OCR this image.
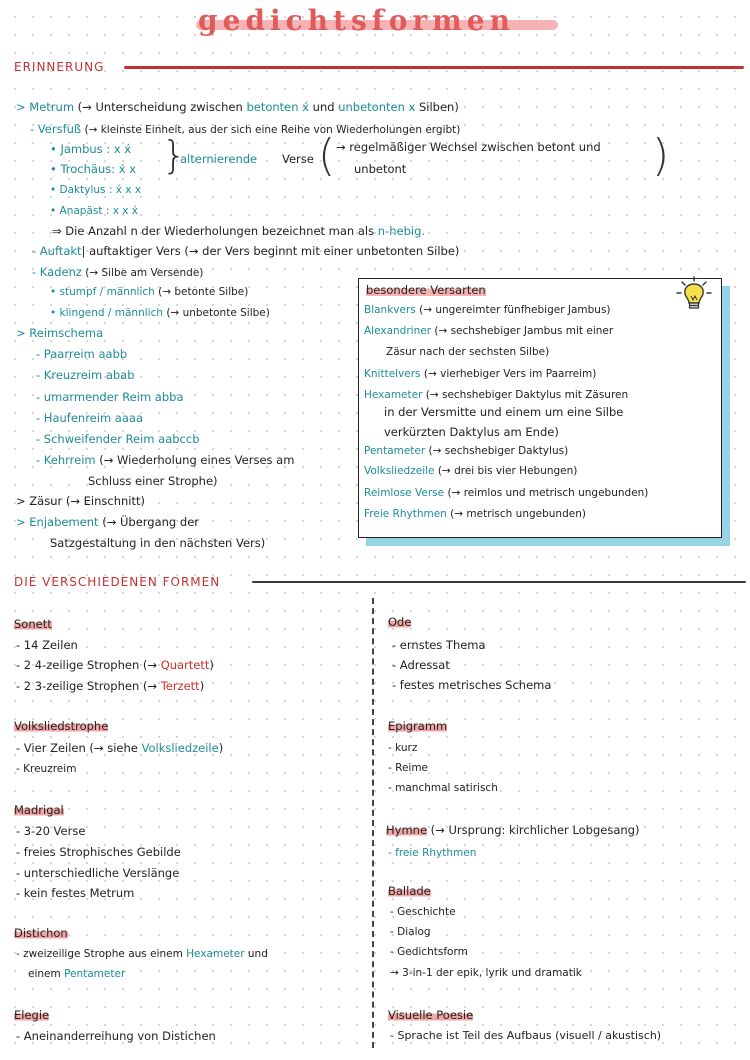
gedichtsformen
ERINNERUNG
> Metrum (→ Unterscheidung zwischen betonten x́ und unbetonten x Silben)
- Versfuß (→ kleinste Einheit, aus der sich eine Reihe von Wiederholungen ergibt)
• Jambus : x x́
• Trochäus: x́ x
• Daktylus : x́ x x
• Anapäst : x x x́
}
alternierende Verse ( → regelmäßiger Wechsel zwischen betont und
unbetont	)
⇒ Die Anzahl n der Wiederholungen bezeichnet man als n-hebig.
- Auftakt| auftaktiger Vers (→ der Vers beginnt mit einer unbetonten Silbe)
- Kadenz (→ Silbe am Versende)
• stumpf / männlich (→ betonte Silbe)
• klingend / männlich (→ unbetonte Silbe)
> Reimschema
- Paarreim aabb
- Kreuzreim abab
- umarmender Reim abba
- Haufenreim aaaa
- Schweifender Reim aabccb
- Kehrreim (→ Wiederholung eines Verses am
Schluss einer Strophe)
> Zäsur (→ Einschnitt)
> Enjabement (→ Übergang der
Satzgestaltung in den nächsten Vers)
besondere Versarten
Blankvers (→ ungereimter fünfhebiger Jambus)
Alexandriner (→ sechshebiger Jambus mit einer
Zäsur nach der sechsten Silbe)
Knittelvers (→ vierhebiger Vers im Paarreim)
Hexameter (→ sechshebiger Daktylus mit Zäsuren
in der Versmitte und einem um eine Silbe
verkürzten Daktylus am Ende)
Pentameter (→ sechshebiger Daktylus)
Volksliedzeile (→ drei bis vier Hebungen)
Reimlose Verse (→ reimlos und metrisch ungebunden)
Freie Rhythmen (→ metrisch ungebunden)
DIE VERSCHIEDENEN FORMEN
Sonett
- 14 Zeilen
- 2 4-zeilige Strophen (→ Quartett)
- 2 3-zeilige Strophen (→ Terzett)
Volksliedstrophe
- Vier Zeilen (→ siehe Volksliedzeile)
- Kreuzreim
Madrigal
- 3-20 Verse
- freies Strophisches Gebilde
- unterschiedliche Verslänge
- kein festes Metrum
Distichon
- zweizeilige Strophe aus einem Hexameter und
einem Pentameter
Elegie
- Aneinanderreihung von Distichen
Ode
- ernstes Thema
- Adressat
- festes metrisches Schema
Epigramm
- kurz
- Reime
- manchmal satirisch
Hymne (→ Ursprung: kirchlicher Lobgesang)
- freie Rhythmen
Ballade
- Geschichte
- Dialog
- Gedichtsform
→ 3-in-1 der epik, lyrik und dramatik
Visuelle Poesie
- Sprache ist Teil des Aufbaus (visuell / akustisch)
